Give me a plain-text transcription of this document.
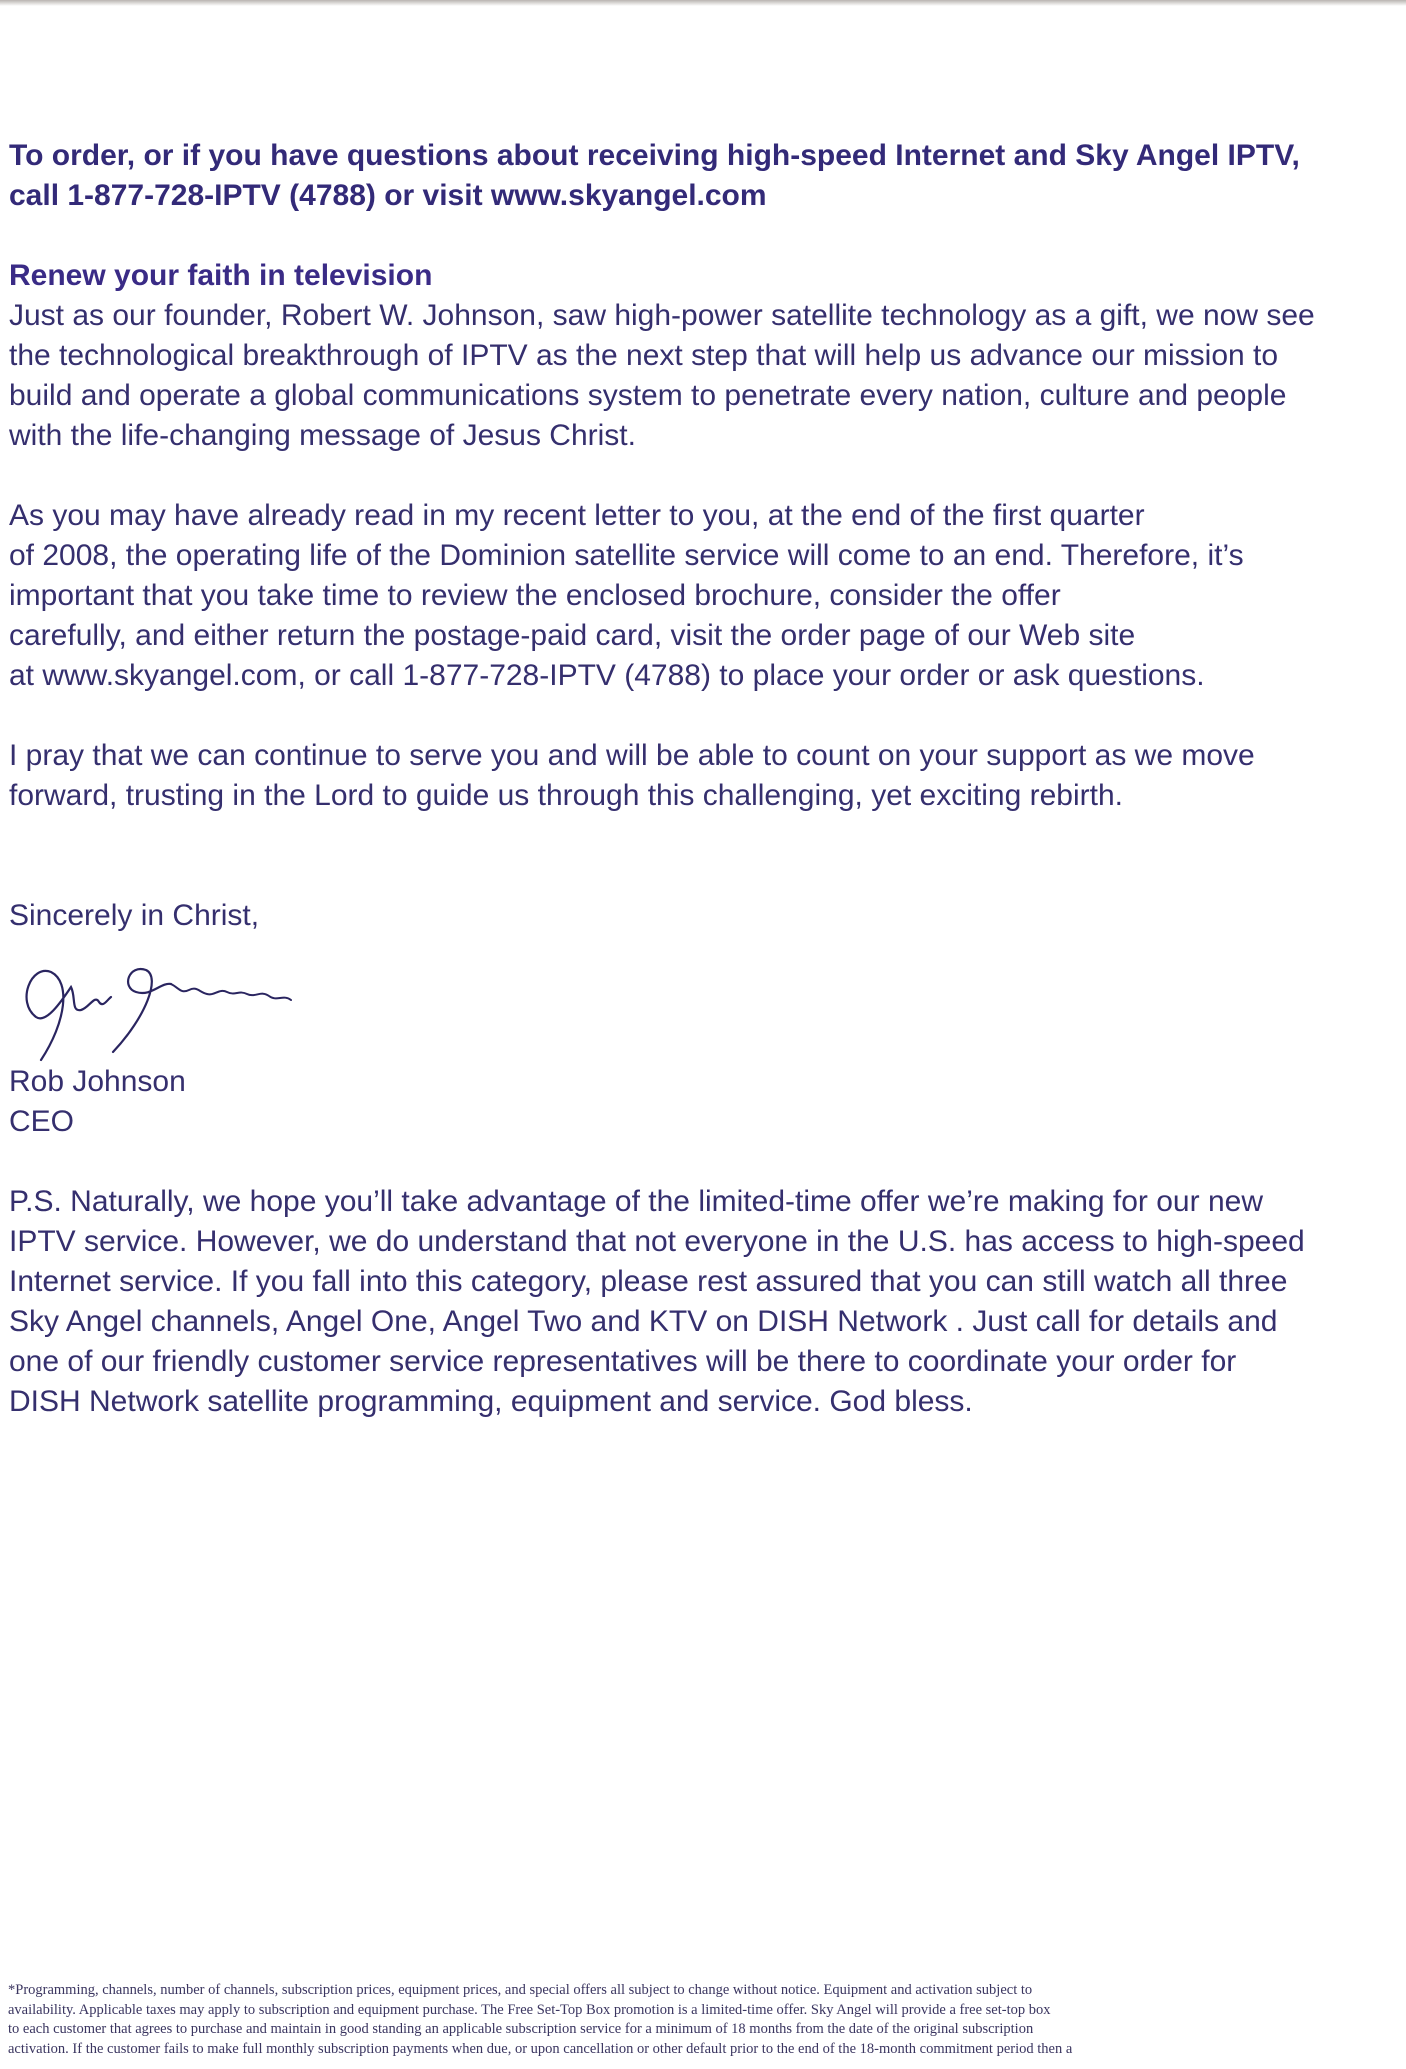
To order, or if you have questions about receiving high-speed Internet and Sky Angel IPTV,
call 1-877-728-IPTV (4788) or visit www.skyangel.com

Renew your faith in television

Just as our founder, Robert W. Johnson, saw high-power satellite technology as a gift, we now see
the technological breakthrough of IPTV as the next step that will help us advance our mission to
build and operate a global communications system to penetrate every nation, culture and people
with the life-changing message of Jesus Christ.

As you may have already read in my recent letter to you, at the end of the first quarter
of 2008, the operating life of the Dominion satellite service will come to an end. Therefore, it’s
important that you take time to review the enclosed brochure, consider the offer
carefully, and either return the postage-paid card, visit the order page of our Web site
at www.skyangel.com, or call 1-877-728-IPTV (4788) to place your order or ask questions.

I pray that we can continue to serve you and will be able to count on your support as we move
forward, trusting in the Lord to guide us through this challenging, yet exciting rebirth.

Sincerely in Christ,

Rob Johnson
CEO

P.S. Naturally, we hope you’ll take advantage of the limited-time offer we’re making for our new
IPTV service. However, we do understand that not everyone in the U.S. has access to high-speed
Internet service. If you fall into this category, please rest assured that you can still watch all three
Sky Angel channels, Angel One, Angel Two and KTV on DISH Network . Just call for details and
one of our friendly customer service representatives will be there to coordinate your order for
DISH Network satellite programming, equipment and service. God bless.

*Programming, channels, number of channels, subscription prices, equipment prices, and special offers all subject to change without notice. Equipment and activation subject to
availability. Applicable taxes may apply to subscription and equipment purchase. The Free Set-Top Box promotion is a limited-time offer. Sky Angel will provide a free set-top box
to each customer that agrees to purchase and maintain in good standing an applicable subscription service for a minimum of 18 months from the date of the original subscription
activation. If the customer fails to make full monthly subscription payments when due, or upon cancellation or other default prior to the end of the 18-month commitment period then a
